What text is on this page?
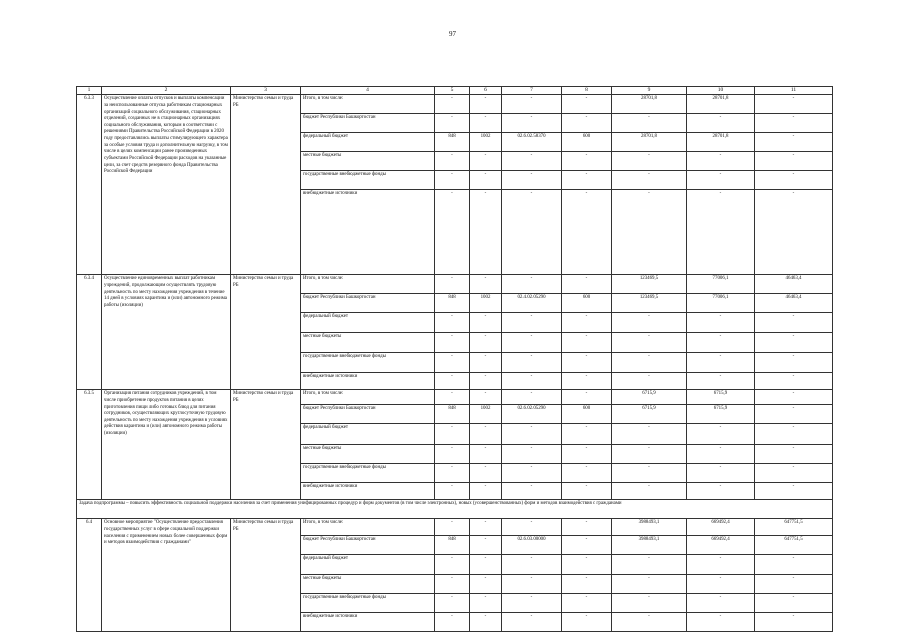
97
1	2	3	4	5	6	7	8	9	10	11
6.3.3	Осуществление оплаты отпусков и выплаты компенсации за неиспользованные отпуска работникам стационарных организаций социального обслуживания, стационарных отделений, созданных не в стационарных организациях социального обслуживания, которым в соответствии с решениями Правительства Российской Федерации в 2020 году предоставлялись выплаты стимулирующего характера за особые условия труда и дополнительную нагрузку, в том числе в целях компенсации ранее произведенных субъектами Российской Федерации расходов на указанные цели, за счет средств резервного фонда Правительства Российской Федерации	Министерство семьи и труда РБ	Итого, в том числе:	-	-	-	-	28701,8	28701,8	-
			бюджет Республики Башкортостан	-	-	-	-	-	-	-
			федеральный бюджет	848	1002	02.6.02.58370	600	28701,8	28701,8	-
			местные бюджеты	-	-	-	-	-	-	-
			государственные внебюджетные фонды	-	-	-	-	-	-	-
			внебюджетные источники	-	-	-	-	-	-	-
6.3.4	Осуществление единовременных выплат работникам учреждений, продолжающим осуществлять трудовую деятельность по месту нахождения учреждения в течение 14 дней в условиях карантина и (или) автономного режима работы (изоляции)	Министерство семьи и труда РБ	Итого, в том числе:	-	-	-	-	123469,5	77006,1	46463,4
			бюджет Республики Башкортостан	848	1002	02.4.02.05290	600	123469,5	77006,1	46463,4
			федеральный бюджет	-	-	-	-	-	-	-
			местные бюджеты	-	-	-	-	-	-	-
			государственные внебюджетные фонды	-	-	-	-	-	-	-
			внебюджетные источники	-	-	-	-	-	-	-
6.3.5	Организация питания сотрудников учреждений, в том числе приобретение продуктов питания в целях приготовления пищи либо готовых блюд для питания сотрудников, осуществляющих круглосуточную трудовую деятельность по месту нахождения учреждения в условиях действия карантина и (или) автономного режима работы (изоляции)	Министерство семьи и труда РБ	Итого, в том числе:	-	-	-	-	6715,9	6715,9	-
			бюджет Республики Башкортостан	848	1002	02.6.02.05290	600	6715,9	6715,9	-
			федеральный бюджет	-	-	-	-	-	-	-
			местные бюджеты	-	-	-	-	-	-	-
			государственные внебюджетные фонды	-	-	-	-	-	-	-
			внебюджетные источники	-	-	-	-	-	-	-
Задача подпрограммы – повысить эффективность социальной поддержки населения за счет применения унифицированных процедур и форм документов (в том числе электронных), новых (усовершенствованных) форм и методов взаимодействия с гражданами										
6.4	Основное мероприятие "Осуществление предоставления государственных услуг в сфере социальной поддержки населения с применением новых более совершенных форм и методов взаимодействия с гражданами"	Министерство семьи и труда РБ	Итого, в том числе:	-	-	-	-	3988493,1	669492,4	647751,5
			бюджет Республики Башкортостан	848	-	02.6.03.00000	-	3988493,1	669492,4	647751,5
			федеральный бюджет	-	-	-	-	-	-	-
			местные бюджеты	-	-	-	-	-	-	-
			государственные внебюджетные фонды	-	-	-	-	-	-	-
			внебюджетные источники	-	-	-	-	-	-	-
